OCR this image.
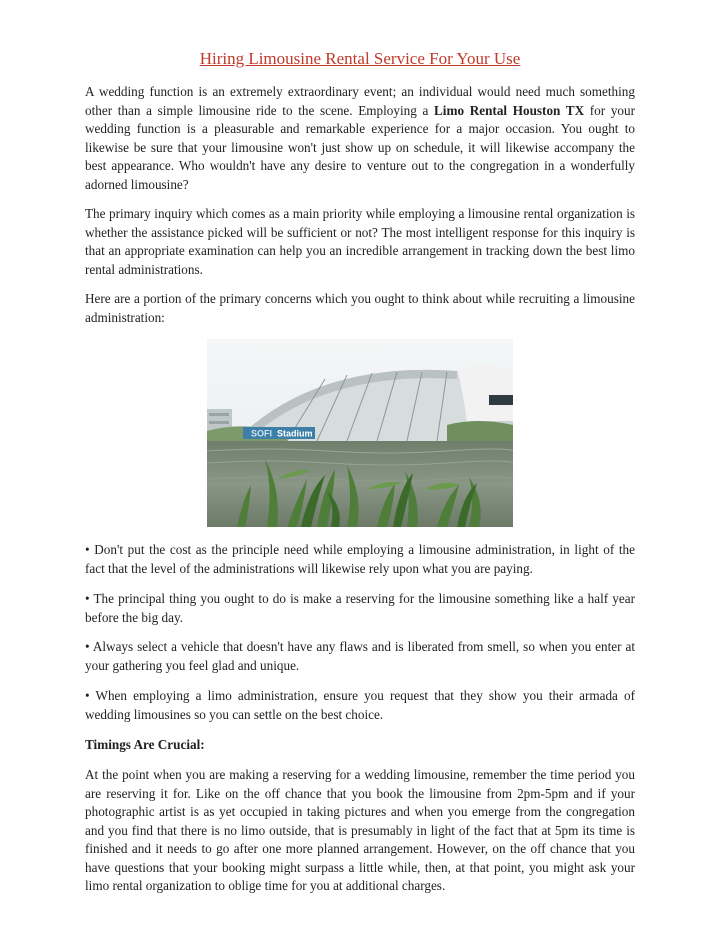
Hiring Limousine Rental Service For Your Use

A wedding function is an extremely extraordinary event; an individual would need much something other than a simple limousine ride to the scene. Employing a Limo Rental Houston TX for your wedding function is a pleasurable and remarkable experience for a major occasion. You ought to likewise be sure that your limousine won't just show up on schedule, it will likewise accompany the best appearance. Who wouldn't have any desire to venture out to the congregation in a wonderfully adorned limousine?

The primary inquiry which comes as a main priority while employing a limousine rental organization is whether the assistance picked will be sufficient or not? The most intelligent response for this inquiry is that an appropriate examination can help you an incredible arrangement in tracking down the best limo rental administrations.

Here are a portion of the primary concerns which you ought to think about while recruiting a limousine administration:

• Don't put the cost as the principle need while employing a limousine administration, in light of the fact that the level of the administrations will likewise rely upon what you are paying.

• The principal thing you ought to do is make a reserving for the limousine something like a half year before the big day.

• Always select a vehicle that doesn't have any flaws and is liberated from smell, so when you enter at your gathering you feel glad and unique.

• When employing a limo administration, ensure you request that they show you their armada of wedding limousines so you can settle on the best choice.

Timings Are Crucial:

At the point when you are making a reserving for a wedding limousine, remember the time period you are reserving it for. Like on the off chance that you book the limousine from 2pm-5pm and if your photographic artist is as yet occupied in taking pictures and when you emerge from the congregation and you find that there is no limo outside, that is presumably in light of the fact that at 5pm its time is finished and it needs to go after one more planned arrangement. However, on the off chance that you have questions that your booking might surpass a little while, then, at that point, you might ask your limo rental organization to oblige time for you at additional charges.

SOFI Stadium
